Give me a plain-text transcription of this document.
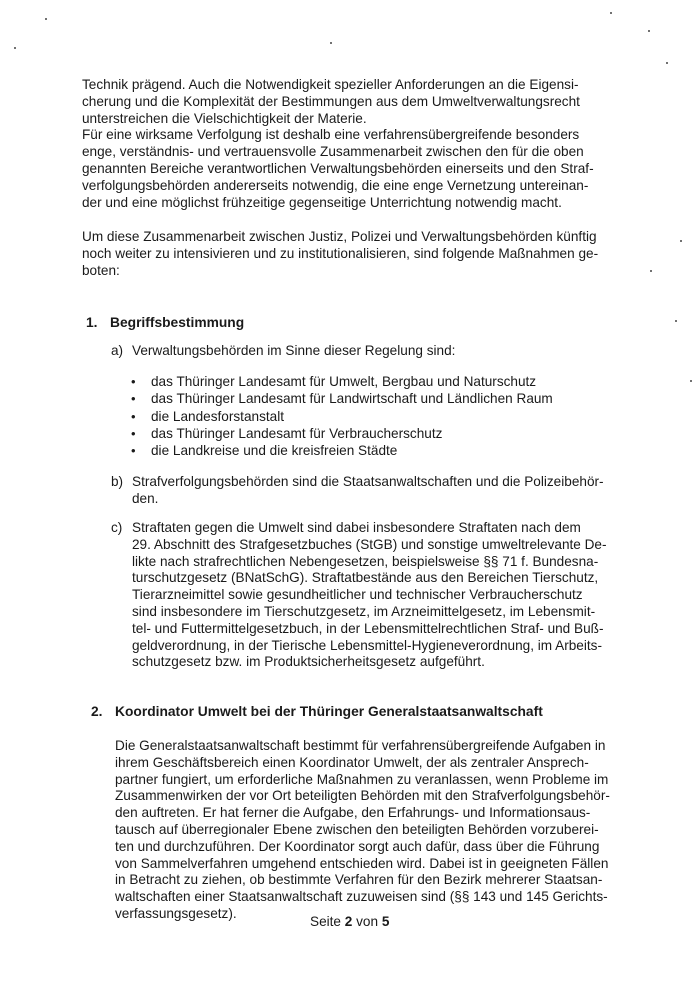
Technik prägend. Auch die Notwendigkeit spezieller Anforderungen an die Eigensi-
cherung und die Komplexität der Bestimmungen aus dem Umweltverwaltungsrecht
unterstreichen die Vielschichtigkeit der Materie.
Für eine wirksame Verfolgung ist deshalb eine verfahrensübergreifende besonders
enge, verständnis- und vertrauensvolle Zusammenarbeit zwischen den für die oben
genannten Bereiche verantwortlichen Verwaltungsbehörden einerseits und den Straf-
verfolgungsbehörden andererseits notwendig, die eine enge Vernetzung untereinan-
der und eine möglichst frühzeitige gegenseitige Unterrichtung notwendig macht.
Um diese Zusammenarbeit zwischen Justiz, Polizei und Verwaltungsbehörden künftig
noch weiter zu intensivieren und zu institutionalisieren, sind folgende Maßnahmen ge-
boten:
1. Begriffsbestimmung
a) Verwaltungsbehörden im Sinne dieser Regelung sind:
• das Thüringer Landesamt für Umwelt, Bergbau und Naturschutz
• das Thüringer Landesamt für Landwirtschaft und Ländlichen Raum
• die Landesforstanstalt
• das Thüringer Landesamt für Verbraucherschutz
• die Landkreise und die kreisfreien Städte
b) Strafverfolgungsbehörden sind die Staatsanwaltschaften und die Polizeibehör-
den.
c) Straftaten gegen die Umwelt sind dabei insbesondere Straftaten nach dem
29. Abschnitt des Strafgesetzbuches (StGB) und sonstige umweltrelevante De-
likte nach strafrechtlichen Nebengesetzen, beispielsweise §§ 71 f. Bundesna-
turschutzgesetz (BNatSchG). Straftatbestände aus den Bereichen Tierschutz,
Tierarzneimittel sowie gesundheitlicher und technischer Verbraucherschutz
sind insbesondere im Tierschutzgesetz, im Arzneimittelgesetz, im Lebensmit-
tel- und Futtermittelgesetzbuch, in der Lebensmittelrechtlichen Straf- und Buß-
geldverordnung, in der Tierische Lebensmittel-Hygieneverordnung, im Arbeits-
schutzgesetz bzw. im Produktsicherheitsgesetz aufgeführt.
2. Koordinator Umwelt bei der Thüringer Generalstaatsanwaltschaft
Die Generalstaatsanwaltschaft bestimmt für verfahrensübergreifende Aufgaben in
ihrem Geschäftsbereich einen Koordinator Umwelt, der als zentraler Ansprech-
partner fungiert, um erforderliche Maßnahmen zu veranlassen, wenn Probleme im
Zusammenwirken der vor Ort beteiligten Behörden mit den Strafverfolgungsbehör-
den auftreten. Er hat ferner die Aufgabe, den Erfahrungs- und Informationsaus-
tausch auf überregionaler Ebene zwischen den beteiligten Behörden vorzuberei-
ten und durchzuführen. Der Koordinator sorgt auch dafür, dass über die Führung
von Sammelverfahren umgehend entschieden wird. Dabei ist in geeigneten Fällen
in Betracht zu ziehen, ob bestimmte Verfahren für den Bezirk mehrerer Staatsan-
waltschaften einer Staatsanwaltschaft zuzuweisen sind (§§ 143 und 145 Gerichts-
verfassungsgesetz).
Seite 2 von 5
